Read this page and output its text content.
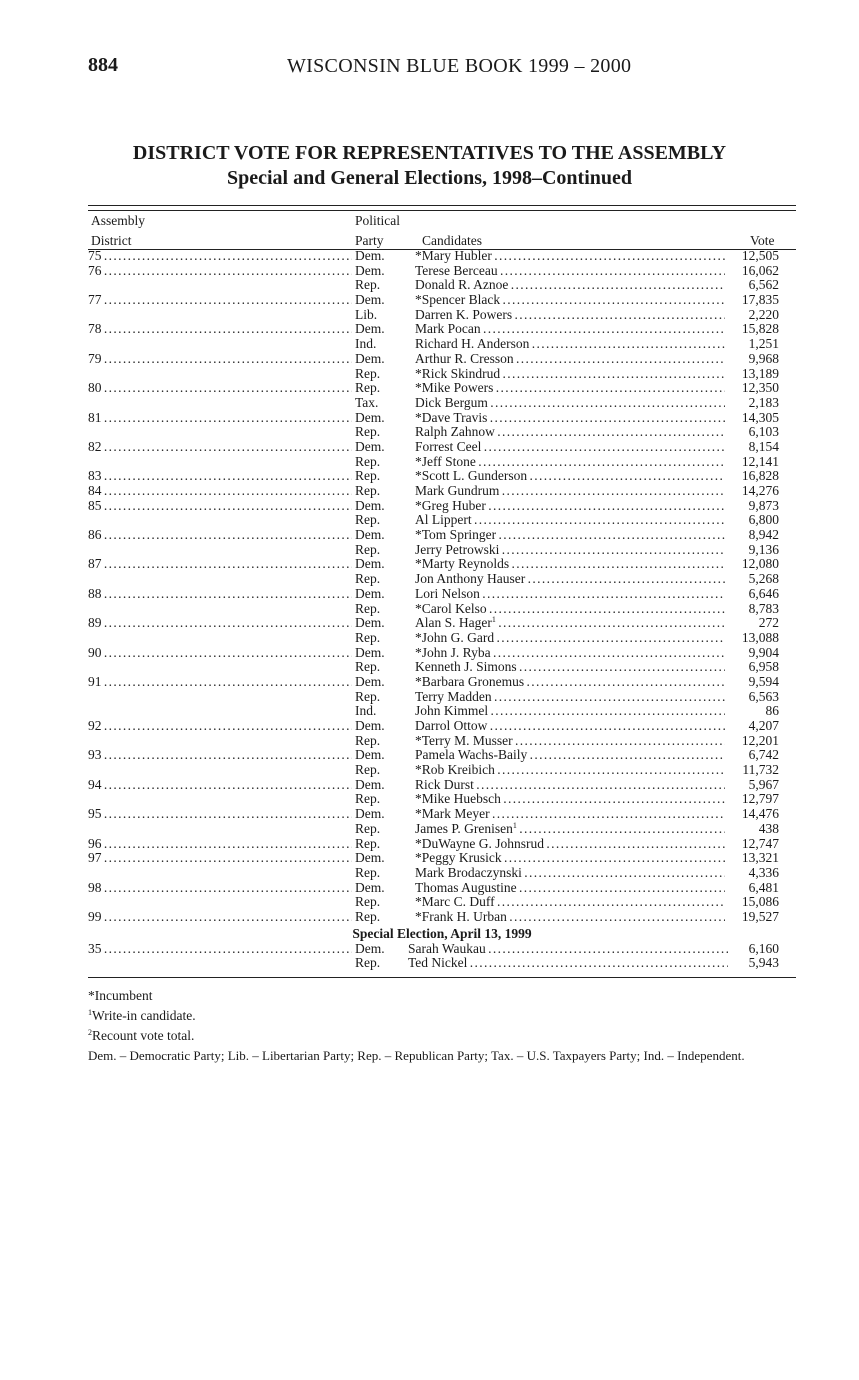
884	WISCONSIN BLUE BOOK 1999 – 2000
DISTRICT VOTE FOR REPRESENTATIVES TO THE ASSEMBLY
Special and General Elections, 1998–Continued
Assembly
District
Political
Party	Candidates	Vote
75 . . .	Dem. *Mary Hubler . . .	12,505
76 . . .	Dem. Terese Berceau . . .	16,062
Rep.	Donald R. Aznoe . . .	6,562
77 . . .	Dem. *Spencer Black . . .	17,835
Lib.	Darren K. Powers . . .	2,220
78 . . .	Dem. Mark Pocan . . .	15,828
Ind.	Richard H. Anderson . . .	1,251
79 . . .	Dem. Arthur R. Cresson . . .	9,968
Rep.	*Rick Skindrud . . .	13,189
80 . . .	Rep.	*Mike Powers . . .	12,350
Tax.	Dick Bergum . . .	2,183
81 . . .	Dem. *Dave Travis . . .	14,305
Rep.	Ralph Zahnow . . .	6,103
82 . . .	Dem. Forrest Ceel . . .	8,154
Rep.	*Jeff Stone . . .	12,141
83 . . .	Rep.	*Scott L. Gunderson . . .	16,828
84 . . .	Rep.	Mark Gundrum . . .	14,276
85 . . .	Dem. *Greg Huber . . .	9,873
Rep.	Al Lippert . . .	6,800
86 . . .	Dem. *Tom Springer . . .	8,942
Rep.	Jerry Petrowski . . .	9,136
87 . . .	Dem. *Marty Reynolds . . .	12,080
Rep.	Jon Anthony Hauser . . .	5,268
88 . . .	Dem. Lori Nelson . . .	6,646
Rep.	*Carol Kelso . . .	8,783
89 . . .	Dem. Alan S. Hager$^1$ . . .	272
Rep.	*John G. Gard . . .	13,088
90 . . .	Dem. *John J. Ryba . . .	9,904
Rep.	Kenneth J. Simons . . .	6,958
91 . . .	Dem. *Barbara Gronemus . . .	9,594
Rep.	Terry Madden . . .	6,563
Ind.	John Kimmel . . .	86
92 . . .	Dem. Darrol Ottow . . .	4,207
Rep.	*Terry M. Musser . . .	12,201
93 . . .	Dem. Pamela Wachs-Baily . . .	6,742
Rep.	*Rob Kreibich . . .	11,732
94 . . .	Dem. Rick Durst . . .	5,967
Rep.	*Mike Huebsch . . .	12,797
95 . . .	Dem. *Mark Meyer . . .	14,476
Rep.	James P. Grenisen$^1$ . . .	438
96 . . .	Rep.	*DuWayne G. Johnsrud . . .	12,747
97 . . .	Dem. *Peggy Krusick . . .	13,321
Rep.	Mark Brodaczynski . . .	4,336
98 . . .	Dem. Thomas Augustine . . .	6,481
Rep.	*Marc C. Duff . . .	15,086
99 . . .	Rep.	*Frank H. Urban . . .	19,527
Special Election, April 13, 1999
35 . . .	Dem. Sarah Waukau . . .	6,160
Rep. Ted Nickel . . .	5,943
*Incumbent
$^1$Write-in candidate.
$^2$Recount vote total.
Dem. – Democratic Party; Lib. – Libertarian Party; Rep. – Republican Party; Tax. – U.S. Taxpayers Party; Ind. – Independent.
